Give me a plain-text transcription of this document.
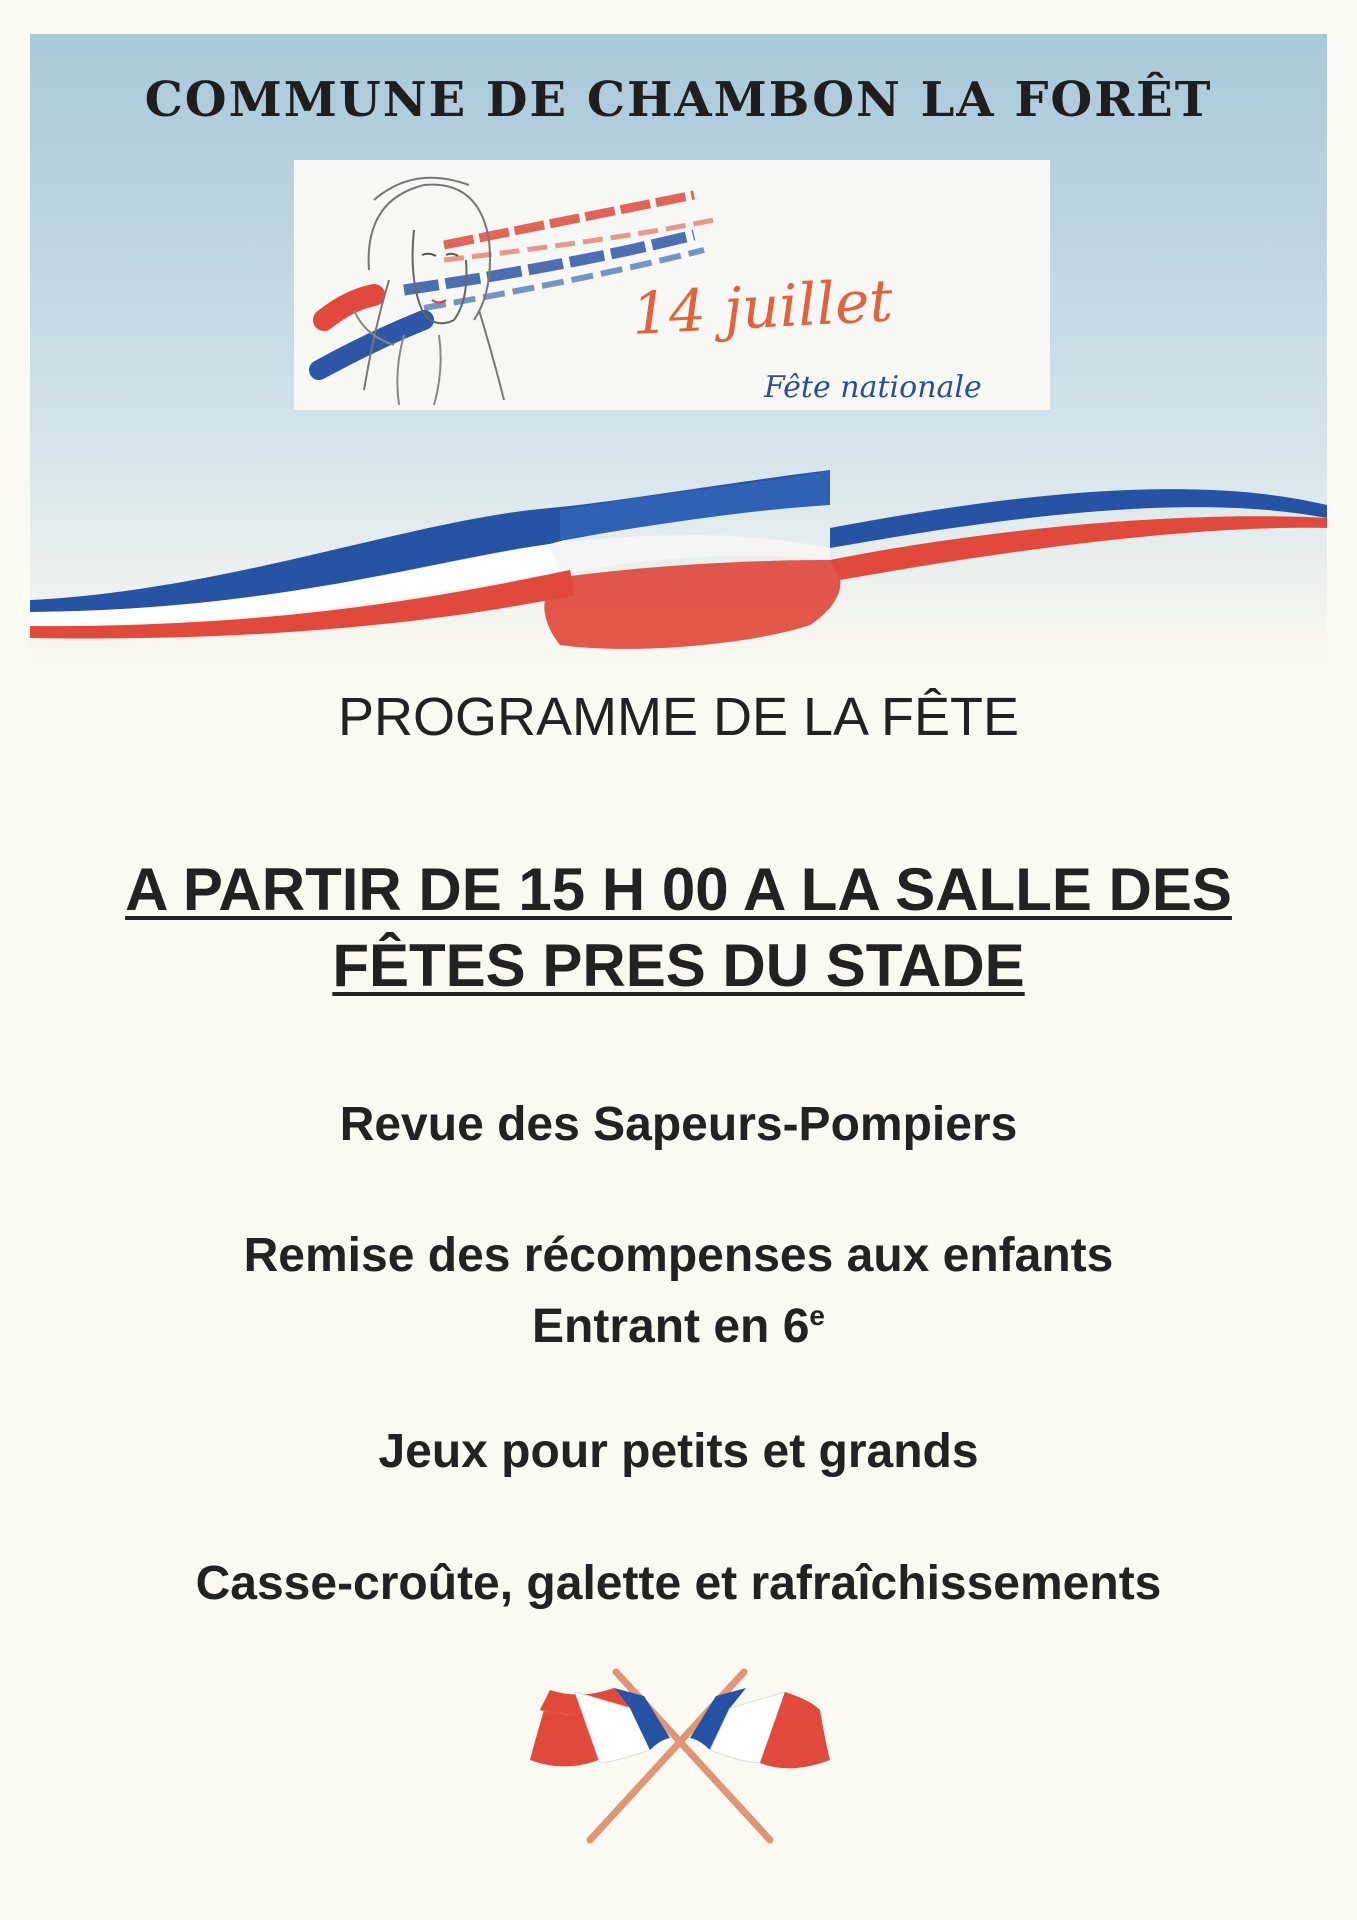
COMMUNE DE CHAMBON LA FORÊT
14 juillet
Fête nationale
PROGRAMME DE LA FÊTE
A PARTIR DE 15 H 00 A LA SALLE DES
FÊTES PRES DU STADE
Revue des Sapeurs-Pompiers
Remise des récompenses aux enfants
Entrant en 6e
Jeux pour petits et grands
Casse-croûte, galette et rafraîchissements
